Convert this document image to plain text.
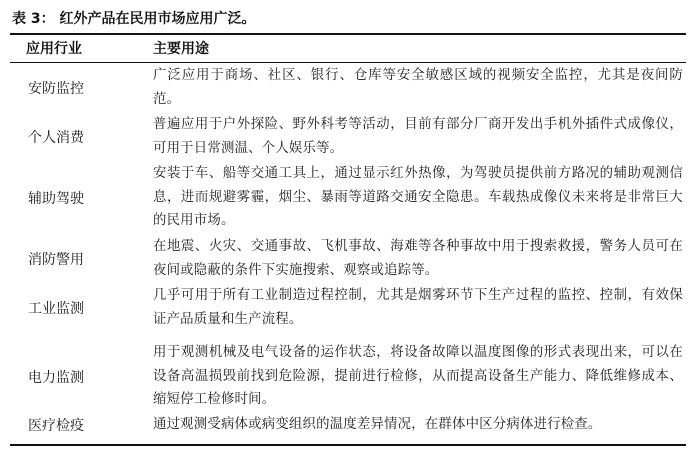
表 3： 红外产品在民用市场应用广泛。
应用行业	主要用途
安防监控
广泛应用于商场、社区、银行、仓库等安全敏感区域的视频安全监控，尤其是夜间防范。
个人消费
普遍应用于户外探险、野外科考等活动，目前有部分厂商开发出手机外插件式成像仪，可用于日常测温、个人娱乐等。
辅助驾驶
安装于车、船等交通工具上，通过显示红外热像，为驾驶员提供前方路况的辅助观测信息，进而规避雾霾，烟尘、暴雨等道路交通安全隐患。车载热成像仪未来将是非常巨大的民用市场。
消防警用
在地震、火灾、交通事故、飞机事故、海难等各种事故中用于搜索救援，警务人员可在夜间或隐蔽的条件下实施搜索、观察或追踪等。
工业监测
几乎可用于所有工业制造过程控制，尤其是烟雾环节下生产过程的监控、控制，有效保证产品质量和生产流程。
电力监测
用于观测机械及电气设备的运作状态，将设备故障以温度图像的形式表现出来，可以在设备高温损毁前找到危险源，提前进行检修，从而提高设备生产能力、降低维修成本、缩短停工检修时间。
医疗检疫	通过观测受病体或病变组织的温度差异情况，在群体中区分病体进行检查。
